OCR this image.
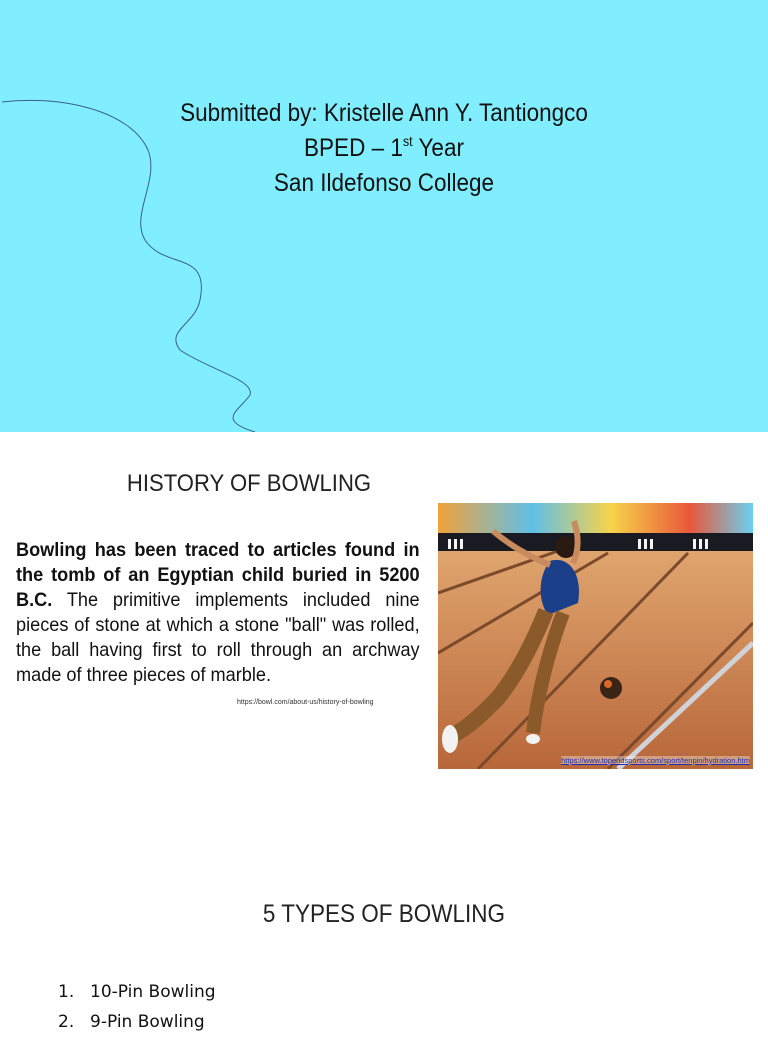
Submitted by: Kristelle Ann Y. Tantiongco
BPED – 1st Year
San Ildefonso College
HISTORY OF BOWLING
Bowling has been traced to articles found in the tomb of an Egyptian child buried in 5200 B.C. The primitive implements included nine pieces of stone at which a stone "ball" was rolled, the ball having first to roll through an archway made of three pieces of marble.
https://bowl.com/about-us/history-of-bowling
https://www.topendsports.com/sport/tenpin/hydration.htm
5 TYPES OF BOWLING
1. 10-Pin Bowling
2. 9-Pin Bowling
